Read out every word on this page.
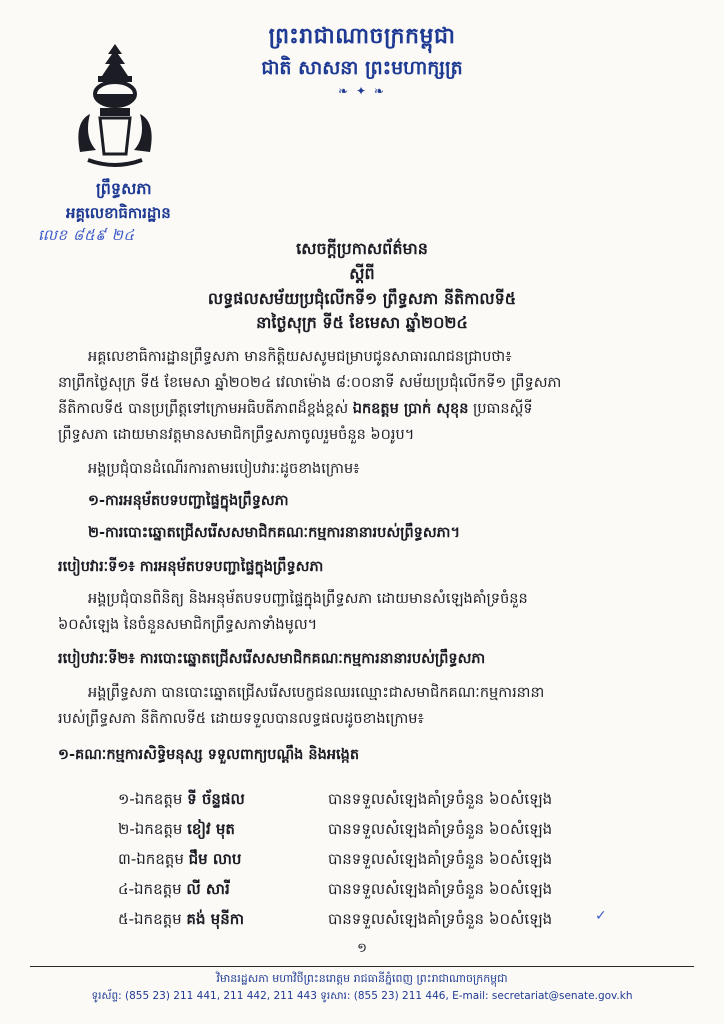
ព្រះរាជាណាចក្រកម្ពុជា
ជាតិ សាសនា ព្រះមហាក្សត្រ
❧ ✦ ❧
ព្រឹទ្ធសភា
អគ្គលេខាធិការដ្ឋាន
លេខ ៨៥៩ ២៤
សេចក្តីប្រកាសព័ត៌មាន
ស្តីពី
លទ្ធផលសម័យប្រជុំលើកទី១ ព្រឹទ្ធសភា នីតិកាលទី៥
នាថ្ងៃសុក្រ ទី៥ ខែមេសា ឆ្នាំ២០២៤
អគ្គលេខាធិការដ្ឋានព្រឹទ្ធសភា មានកិត្តិយសសូមជម្រាបជូនសាធារណជនជ្រាបថា៖
នាព្រឹកថ្ងៃសុក្រ ទី៥ ខែមេសា ឆ្នាំ២០២៤ វេលាម៉ោង ៨:០០នាទី សម័យប្រជុំលើកទី១ ព្រឹទ្ធសភា
នីតិកាលទី៥ បានប្រព្រឹត្តទៅក្រោមអធិបតីភាពដ៏ខ្ពង់ខ្ពស់ ឯកឧត្តម ប្រាក់ សុខុន ប្រធានស្តីទី
ព្រឹទ្ធសភា ដោយមានវត្តមានសមាជិកព្រឹទ្ធសភាចូលរួមចំនួន ៦០រូប។
អង្គប្រជុំបានដំណើរការតាមរបៀបវារៈដូចខាងក្រោម៖
១-ការអនុម័តបទបញ្ជាផ្ទៃក្នុងព្រឹទ្ធសភា
២-ការបោះឆ្នោតជ្រើសរើសសមាជិកគណៈកម្មការនានារបស់ព្រឹទ្ធសភា។
របៀបវារៈទី១៖ ការអនុម័តបទបញ្ជាផ្ទៃក្នុងព្រឹទ្ធសភា
អង្គប្រជុំបានពិនិត្យ និងអនុម័តបទបញ្ជាផ្ទៃក្នុងព្រឹទ្ធសភា ដោយមានសំឡេងគាំទ្រចំនួន
៦០សំឡេង នៃចំនួនសមាជិកព្រឹទ្ធសភាទាំងមូល។
របៀបវារៈទី២៖ ការបោះឆ្នោតជ្រើសរើសសមាជិកគណៈកម្មការនានារបស់ព្រឹទ្ធសភា
អង្គព្រឹទ្ធសភា បានបោះឆ្នោតជ្រើសរើសបេក្ខជនឈរឈ្មោះជាសមាជិកគណៈកម្មការនានា
របស់ព្រឹទ្ធសភា នីតិកាលទី៥ ដោយទទួលបានលទ្ធផលដូចខាងក្រោម៖
១-គណៈកម្មការសិទ្ធិមនុស្ស ទទួលពាក្យបណ្តឹង និងអង្កេត
១-ឯកឧត្តម ទី ច័ន្ទផល	បានទទួលសំឡេងគាំទ្រចំនួន ៦០សំឡេង
២-ឯកឧត្តម ខៀវ មុត	បានទទួលសំឡេងគាំទ្រចំនួន ៦០សំឡេង
៣-ឯកឧត្តម ជឹម លាប	បានទទួលសំឡេងគាំទ្រចំនួន ៦០សំឡេង
៤-ឯកឧត្តម លី សារី	បានទទួលសំឡេងគាំទ្រចំនួន ៦០សំឡេង
៥-ឯកឧត្តម គង់ មុនីកា	បានទទួលសំឡេងគាំទ្រចំនួន ៦០សំឡេង	✓
១
វិមានរដ្ឋសភា មហាវិថីព្រះនរោត្តម រាជធានីភ្នំពេញ ព្រះរាជាណាចក្រកម្ពុជា
ទូរស័ព្ទ: (855 23) 211 441, 211 442, 211 443 ទូរសារ: (855 23) 211 446, E-mail: secretariat@senate.gov.kh
